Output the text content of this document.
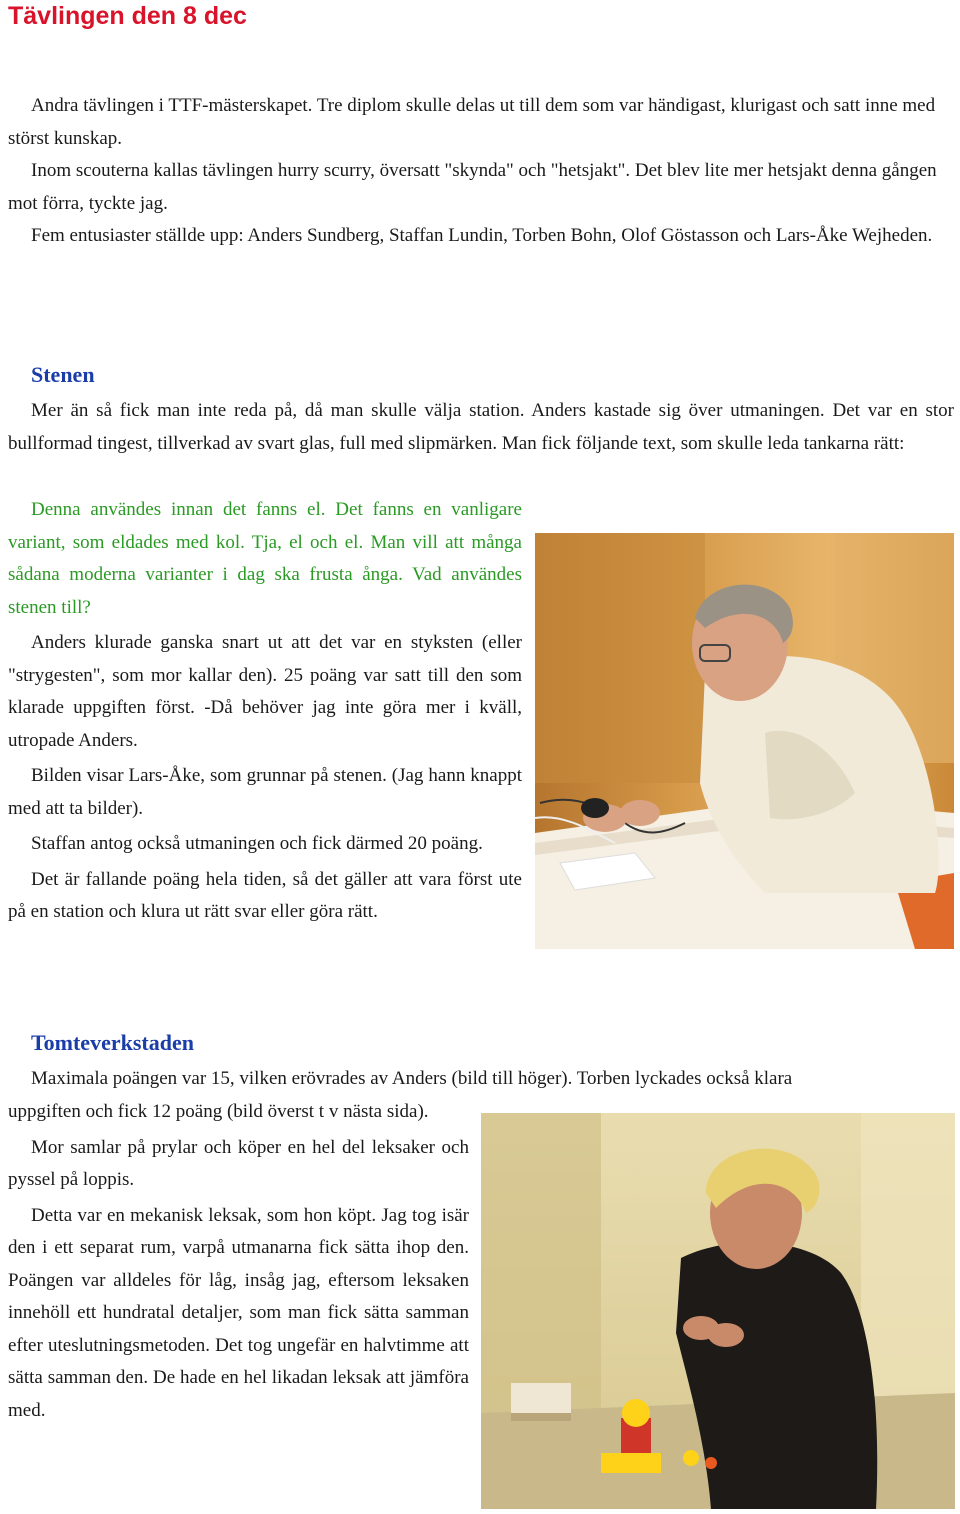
Tävlingen den 8 dec

Andra tävlingen i TTF-mästerskapet. Tre diplom skulle delas ut till dem som var händigast, klurigast och satt inne med störst kunskap.

Inom scouterna kallas tävlingen hurry scurry, översatt "skynda" och "hetsjakt". Det blev lite mer hetsjakt denna gången mot förra, tyckte jag.

Fem entusiaster ställde upp: Anders Sundberg, Staffan Lundin, Torben Bohn, Olof Göstasson och Lars-Åke Wejheden.

Stenen

Mer än så fick man inte reda på, då man skulle välja station. Anders kastade sig över utmaningen. Det var en stor bullformad tingest, tillverkad av svart glas, full med slipmärken. Man fick följande text, som skulle leda tankarna rätt:

Denna användes innan det fanns el. Det fanns en vanligare variant, som eldades med kol. Tja, el och el. Man vill att många sådana moderna varianter i dag ska frusta ånga. Vad användes stenen till?

Anders klurade ganska snart ut att det var en styksten (eller "strygesten", som mor kallar den). 25 poäng var satt till den som klarade uppgiften först. -Då behöver jag inte göra mer i kväll, utropade Anders.

Bilden visar Lars-Åke, som grunnar på stenen. (Jag hann knappt med att ta bilder).

Staffan antog också utmaningen och fick därmed 20 poäng.

Det är fallande poäng hela tiden, så det gäller att vara först ute på en station och klura ut rätt svar eller göra rätt.

Tomteverkstaden

Maximala poängen var 15, vilken erövrades av Anders (bild till höger). Torben lyckades också klara

uppgiften och fick 12 poäng (bild överst t v nästa sida).

Mor samlar på prylar och köper en hel del leksaker och pyssel på loppis.

Detta var en mekanisk leksak, som hon köpt. Jag tog isär den i ett separat rum, varpå utmanarna fick sätta ihop den. Poängen var alldeles för låg, insåg jag, eftersom leksaken innehöll ett hundratal detaljer, som man fick sätta samman efter uteslutningsmetoden. Det tog ungefär en halvtimme att sätta samman den. De hade en hel likadan leksak att jämföra med.
